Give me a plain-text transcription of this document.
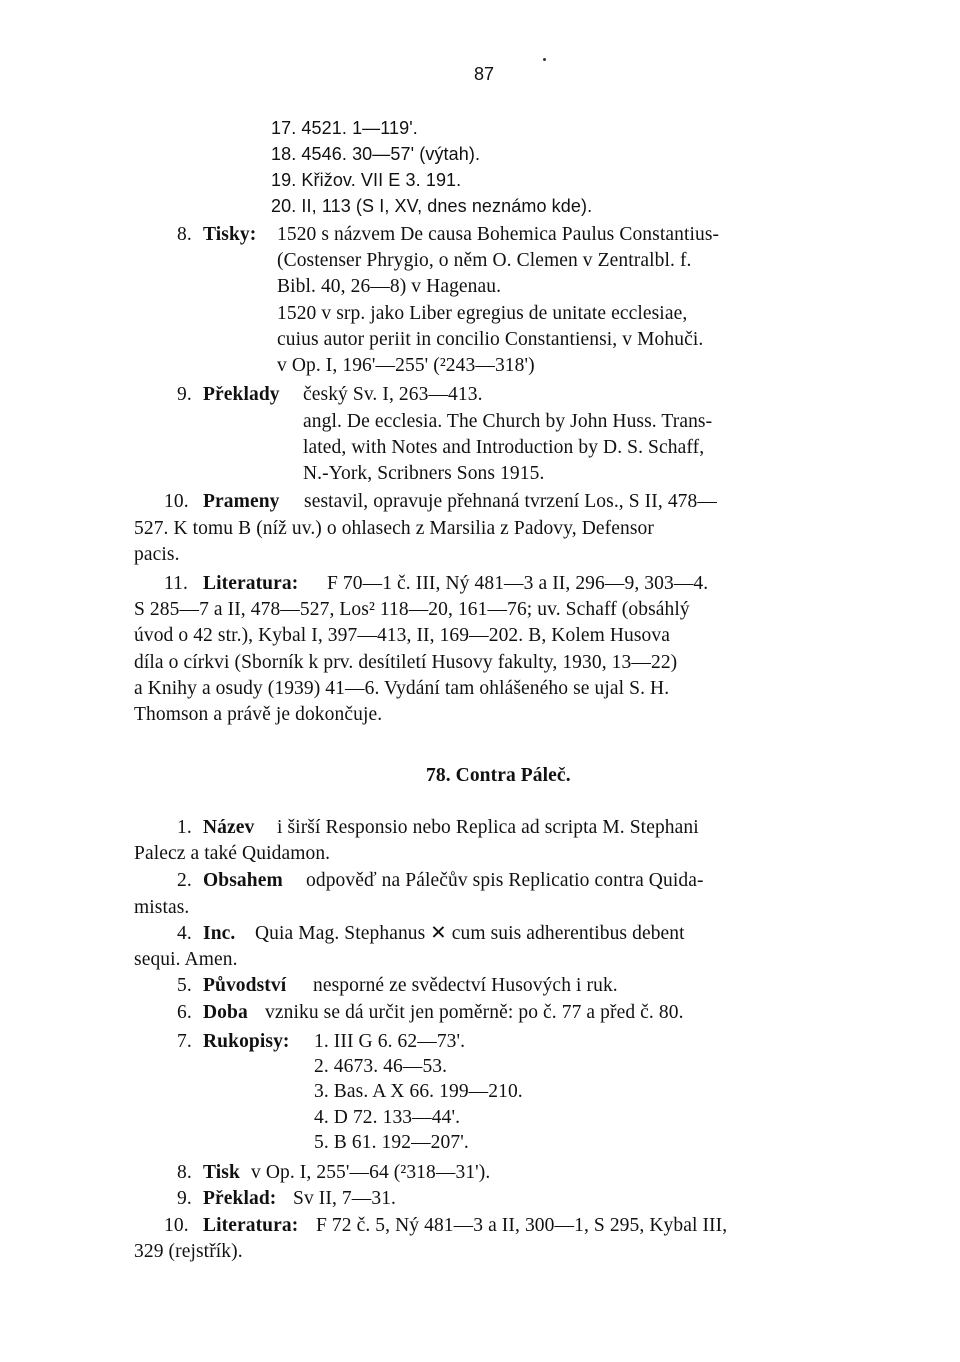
87
17. 4521. 1—119'.
18. 4546. 30—57' (výtah).
19. Křižov. VII E 3. 191.
20. II, 113 (S I, XV, dnes neznámo kde).
8. Tisky: 1520 s názvem De causa Bohemica Paulus Constantius-
(Costenser Phrygio, o něm O. Clemen v Zentralbl. f.
Bibl. 40, 26—8) v Hagenau.
1520 v srp. jako Liber egregius de unitate ecclesiae,
cuius autor periit in concilio Constantiensi, v Mohuči.
v Op. I, 196'—255' (²243—318')
9. Překlady český Sv. I, 263—413.
angl. De ecclesia. The Church by John Huss. Trans-
lated, with Notes and Introduction by D. S. Schaff,
N.-York, Scribners Sons 1915.
10. Prameny sestavil, opravuje přehnaná tvrzení Los., S II, 478—
527. K tomu B (níž uv.) o ohlasech z Marsilia z Padovy, Defensor
pacis.
11. Literatura: F 70—1 č. III, Ný 481—3 a II, 296—9, 303—4.
S 285—7 a II, 478—527, Los² 118—20, 161—76; uv. Schaff (obsáhlý
úvod o 42 str.), Kybal I, 397—413, II, 169—202. B, Kolem Husova
díla o církvi (Sborník k prv. desítiletí Husovy fakulty, 1930, 13—22)
a Knihy a osudy (1939) 41—6. Vydání tam ohlášeného se ujal S. H.
Thomson a právě je dokončuje.
78. Contra Páleč.
1. Název i širší Responsio nebo Replica ad scripta M. Stephani
Palecz a také Quidamon.
2. Obsahem odpověď na Pálečův spis Replicatio contra Quida-
mistas.
4. Inc. Quia Mag. Stephanus ✕ cum suis adherentibus debent
sequi. Amen.
5. Původství nesporné ze svědectví Husových i ruk.
6. Doba vzniku se dá určit jen poměrně: po č. 77 a před č. 80.
7. Rukopisy: 1. III G 6. 62—73'.
2. 4673. 46—53.
3. Bas. A X 66. 199—210.
4. D 72. 133—44'.
5. B 61. 192—207'.
8. Tisk v Op. I, 255'—64 (²318—31').
9. Překlad: Sv II, 7—31.
10. Literatura: F 72 č. 5, Ný 481—3 a II, 300—1, S 295, Kybal III,
329 (rejstřík).
